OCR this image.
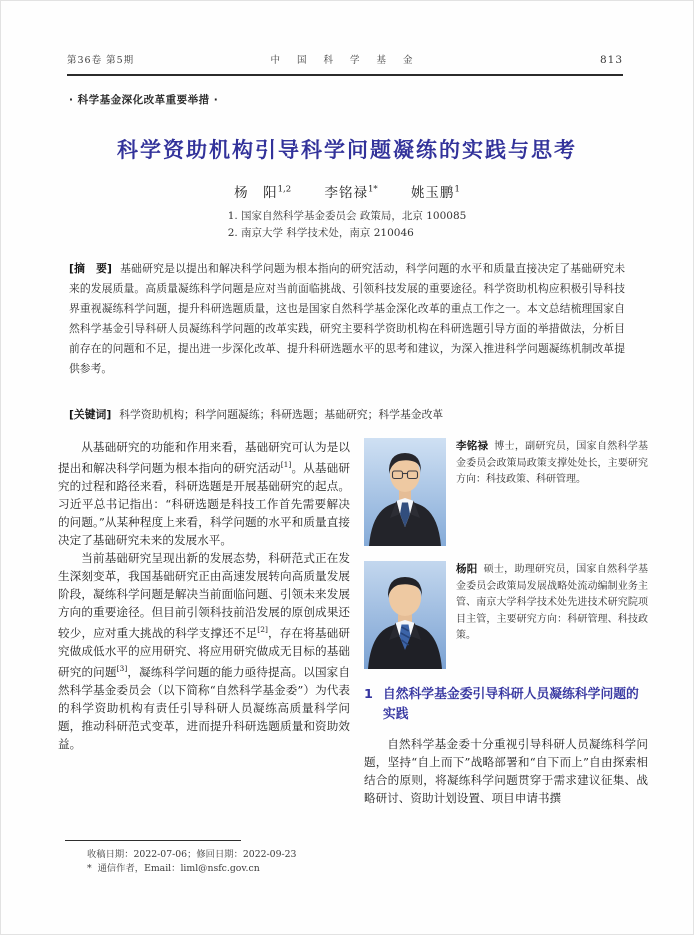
第36卷 第5期	中 国 科 学 基 金	813
· 科学基金深化改革重要举措 ·
科学资助机构引导科学问题凝练的实践与思考
杨　阳$^{1,2}$ 李铭禄$^{1*}$ 姚玉鹏$^1$
1. 国家自然科学基金委员会 政策局，北京 100085
2. 南京大学 科学技术处，南京 210046
[摘　要] 基础研究是以提出和解决科学问题为根本指向的研究活动，科学问题的水平和质量直接决定了基础研究未来的发展质量。高质量凝练科学问题是应对当前面临挑战、引领科技发展的重要途径。科学资助机构应积极引导科技界重视凝练科学问题，提升科研选题质量，这也是国家自然科学基金深化改革的重点工作之一。本文总结梳理国家自然科学基金引导科研人员凝练科学问题的改革实践，研究主要科学资助机构在科研选题引导方面的举措做法，分析目前存在的问题和不足，提出进一步深化改革、提升科研选题水平的思考和建议，为深入推进科学问题凝练机制改革提供参考。
[关键词] 科学资助机构；科学问题凝练；科研选题；基础研究；科学基金改革

从基础研究的功能和作用来看，基础研究可认为是以提出和解决科学问题为根本指向的研究活动[1]。从基础研究的过程和路径来看，科研选题是开展基础研究的起点。习近平总书记指出：“科研选题是科技工作首先需要解决的问题。”从某种程度上来看，科学问题的水平和质量直接决定了基础研究未来的发展水平。

当前基础研究呈现出新的发展态势，科研范式正在发生深刻变革，我国基础研究正由高速发展转向高质量发展阶段，凝练科学问题是解决当前面临问题、引领未来发展方向的重要途径。但目前引领科技前沿发展的原创成果还较少，应对重大挑战的科学支撑还不足[2]，存在将基础研究做成低水平的应用研究、将应用研究做成无目标的基础研究的问题[3]，凝练科学问题的能力亟待提高。以国家自然科学基金委员会（以下简称“自然科学基金委”）为代表的科学资助机构有责任引导科研人员凝练高质量科学问题，推动科研范式变革，进而提升科研选题质量和资助效益。

李铭禄 博士，副研究员，国家自然科学基金委员会政策局政策支撑处处长，主要研究方向：科技政策、科研管理。

杨阳 硕士，助理研究员，国家自然科学基金委员会政策局发展战略处流动编制业务主管、南京大学科学技术处先进技术研究院项目主管，主要研究方向：科研管理、科技政策。

1 自然科学基金委引导科研人员凝练科学问题的实践

自然科学基金委十分重视引导科研人员凝练科学问题，坚持“自上而下”战略部署和“自下而上”自由探索相结合的原则，将凝练科学问题贯穿于需求建议征集、战略研讨、资助计划设置、项目申请书撰

收稿日期：2022-07-06；修回日期：2022-09-23

* 通信作者，Email：liml@nsfc.gov.cn
